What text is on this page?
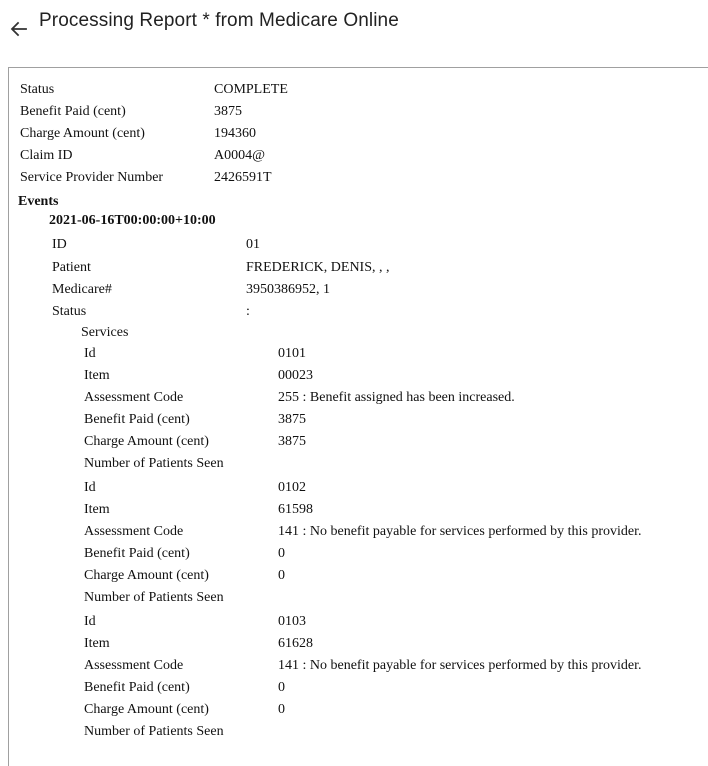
Processing Report * from Medicare Online
Status	COMPLETE
Benefit Paid (cent)	3875
Charge Amount (cent)	194360
Claim ID	A0004@
Service Provider Number	2426591T
Events
2021-06-16T00:00:00+10:00
ID	01
Patient	FREDERICK, DENIS, , ,
Medicare#	3950386952, 1
Status	:
Services
Id	0101
Item	00023
Assessment Code	255 : Benefit assigned has been increased.
Benefit Paid (cent)	3875
Charge Amount (cent)	3875
Number of Patients Seen
Id	0102
Item	61598
Assessment Code	141 : No benefit payable for services performed by this provider.
Benefit Paid (cent)	0
Charge Amount (cent)	0
Number of Patients Seen
Id	0103
Item	61628
Assessment Code	141 : No benefit payable for services performed by this provider.
Benefit Paid (cent)	0
Charge Amount (cent)	0
Number of Patients Seen
